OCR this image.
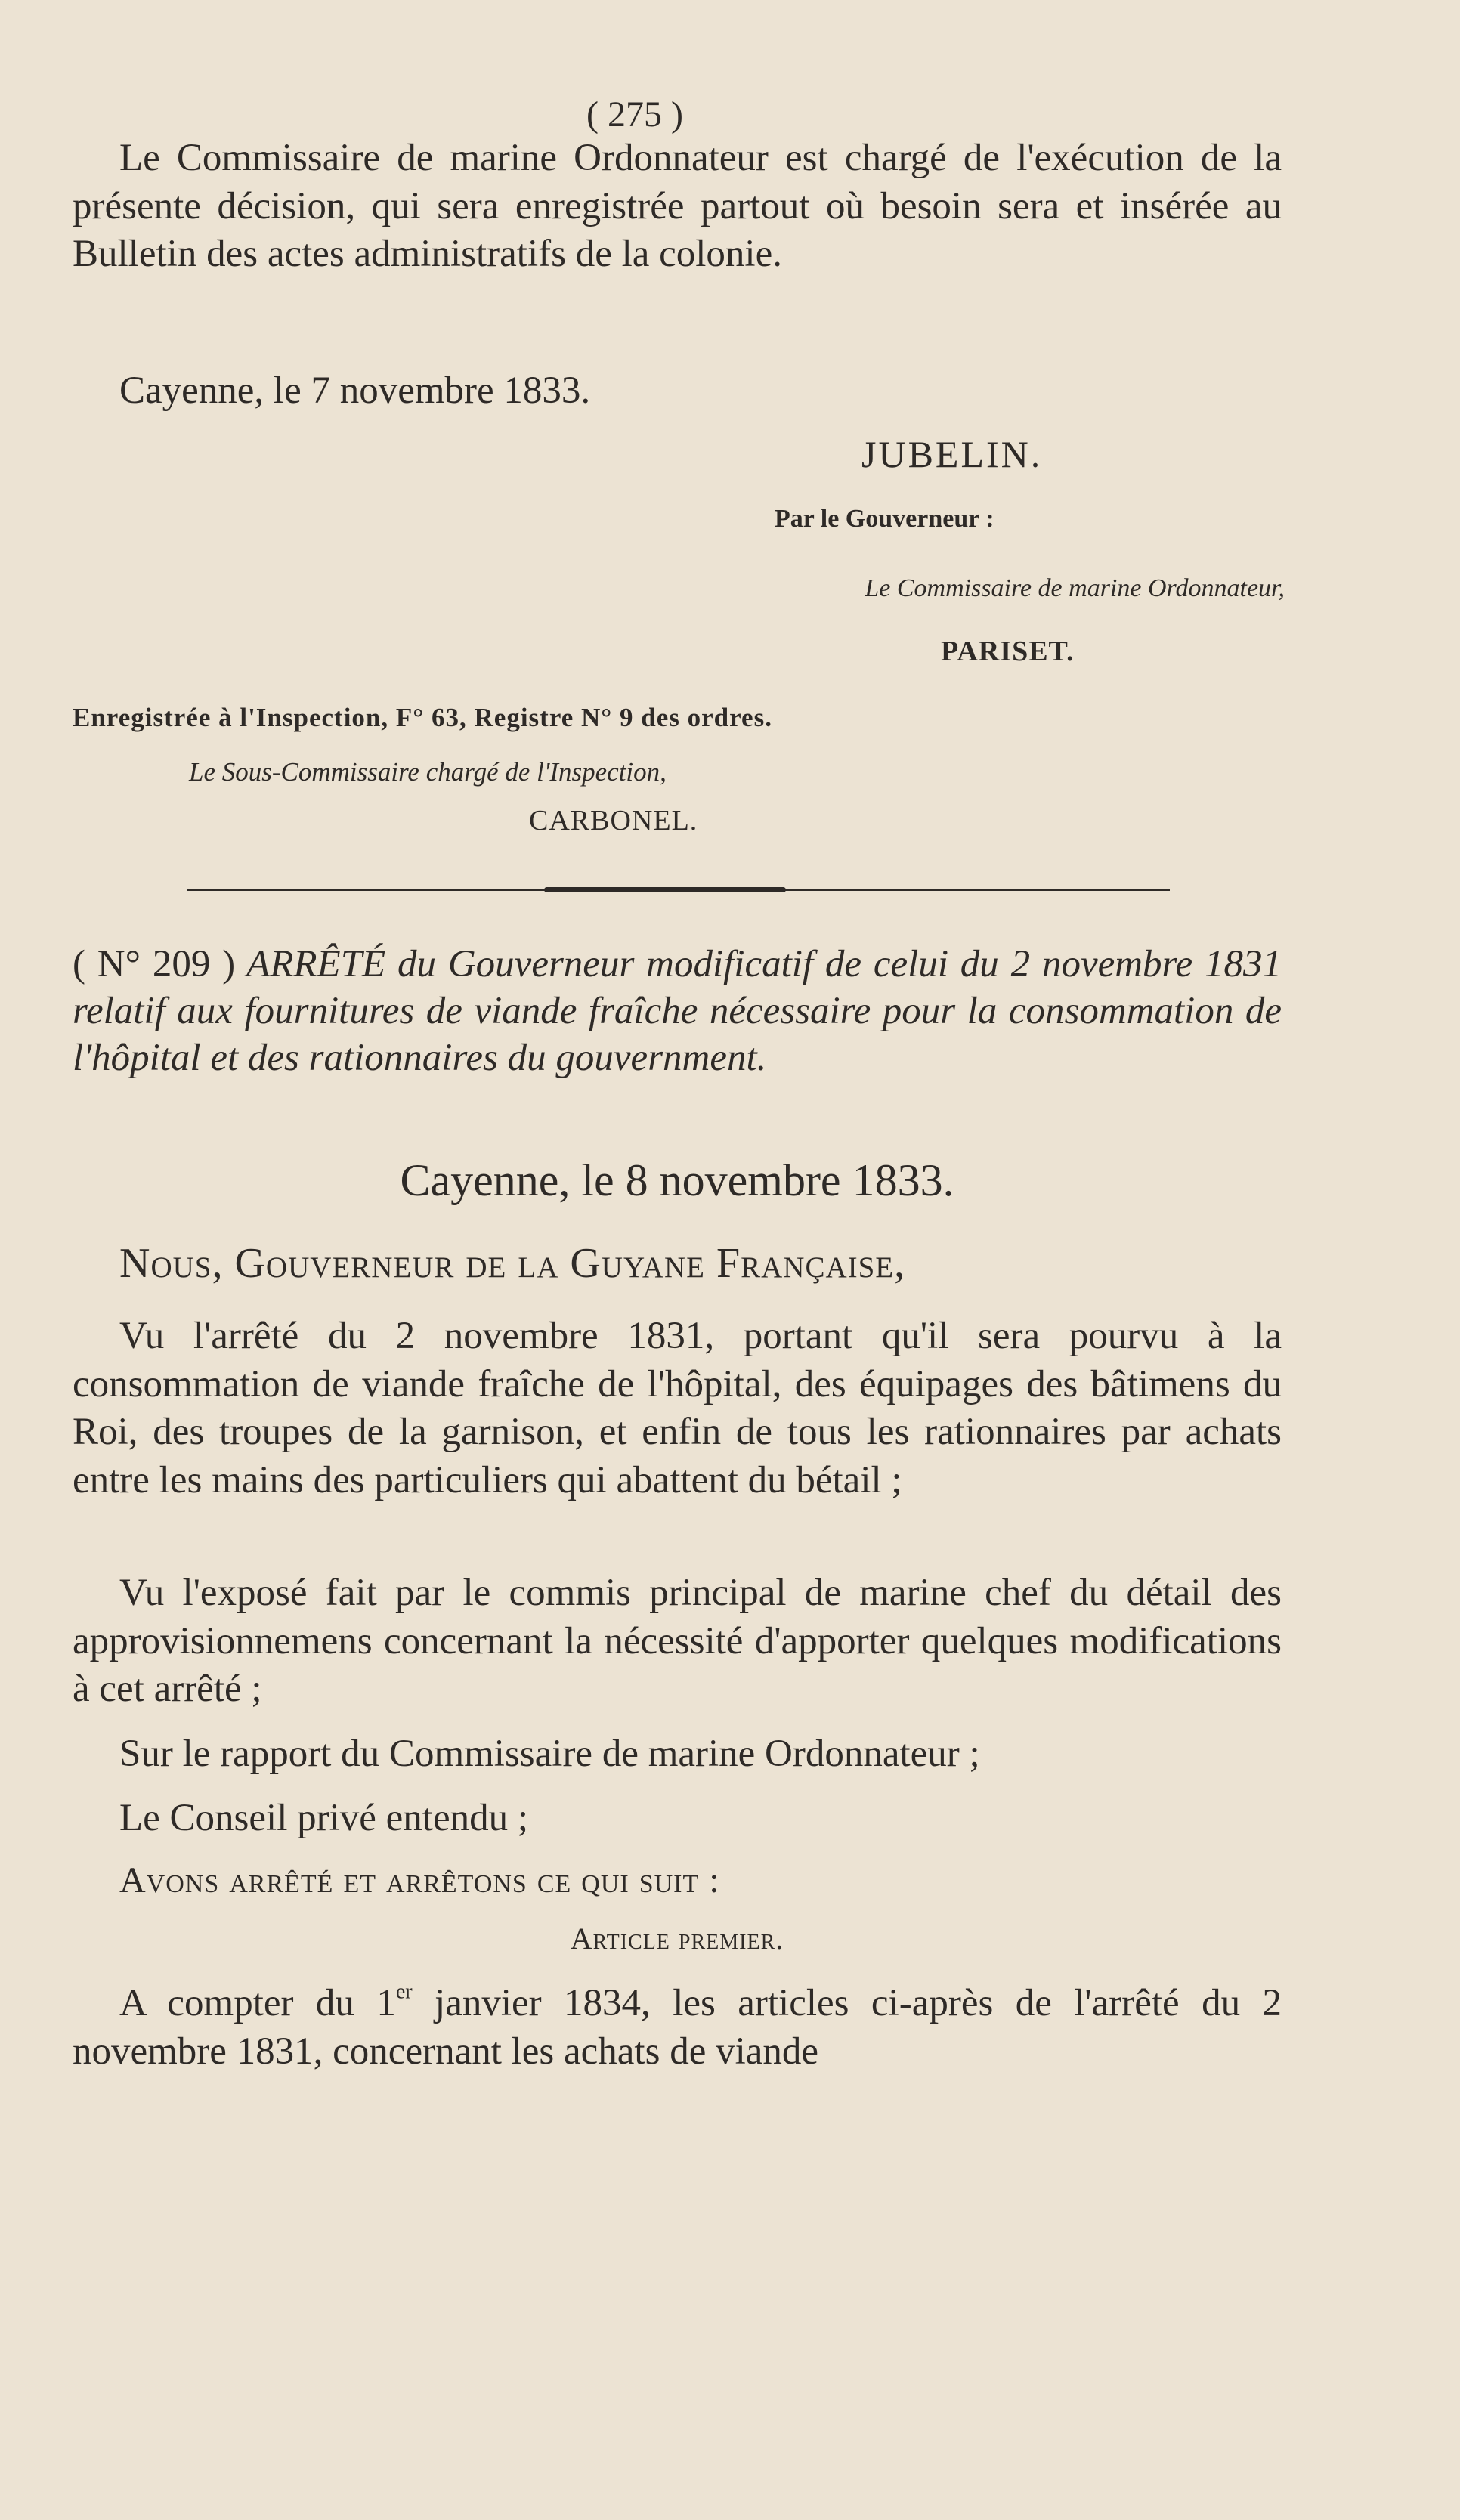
( 275 )

Le Commissaire de marine Ordonnateur est chargé de l'exécution de la présente décision, qui sera enregistrée partout où besoin sera et insérée au Bulletin des actes administratifs de la colonie.

Cayenne, le 7 novembre 1833.
JUBELIN.
Par le Gouverneur :
Le Commissaire de marine Ordonnateur,
PARISET.
Enregistrée à l'Inspection, F° 63, Registre N° 9 des ordres.
Le Sous-Commissaire chargé de l'Inspection,
CARBONEL.

( N° 209 ) ARRÊTÉ du Gouverneur modificatif de celui du 2 novembre 1831 relatif aux fournitures de viande fraîche nécessaire pour la consommation de l'hôpital et des rationnaires du gouvernment.

Cayenne, le 8 novembre 1833.
Nous, Gouverneur de la Guyane Française,

Vu l'arrêté du 2 novembre 1831, portant qu'il sera pourvu à la consommation de viande fraîche de l'hôpital, des équipages des bâtimens du Roi, des troupes de la garnison, et enfin de tous les rationnaires par achats entre les mains des particuliers qui abattent du bétail ;

Vu l'exposé fait par le commis principal de marine chef du détail des approvisionnemens concernant la nécessité d'apporter quelques modifications à cet arrêté ;

Sur le rapport du Commissaire de marine Ordonnateur ;
Le Conseil privé entendu ;
Avons arrêté et arrêtons ce qui suit :
Article premier.

A compter du 1er janvier 1834, les articles ci-après de l'arrêté du 2 novembre 1831, concernant les achats de viande
